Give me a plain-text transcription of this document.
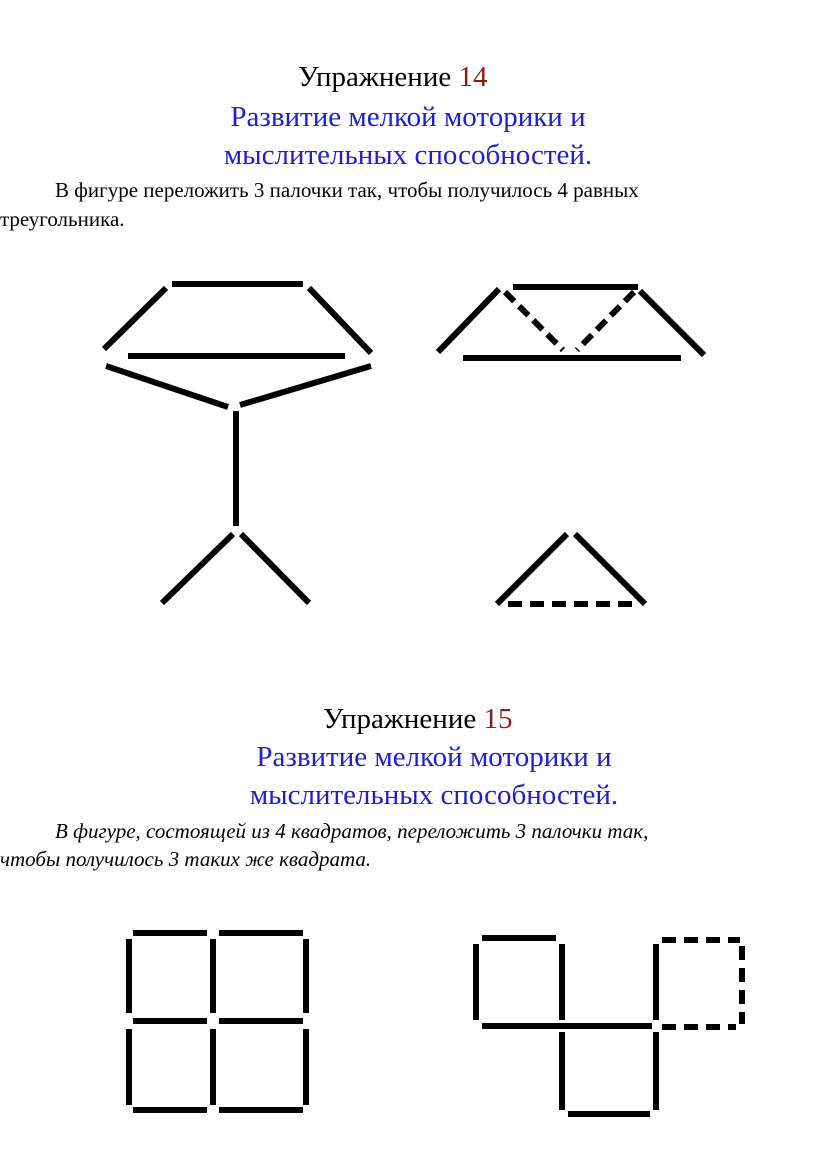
Упражнение 14
Развитие мелкой моторики и
мыслительных способностей.
В фигуре переложить 3 палочки так, чтобы получилось 4 равных
треугольника.
Упражнение 15
Развитие мелкой моторики и
мыслительных способностей.
В фигуре, состоящей из 4 квадратов, переложить 3 палочки так,
чтобы получилось 3 таких же квадрата.
